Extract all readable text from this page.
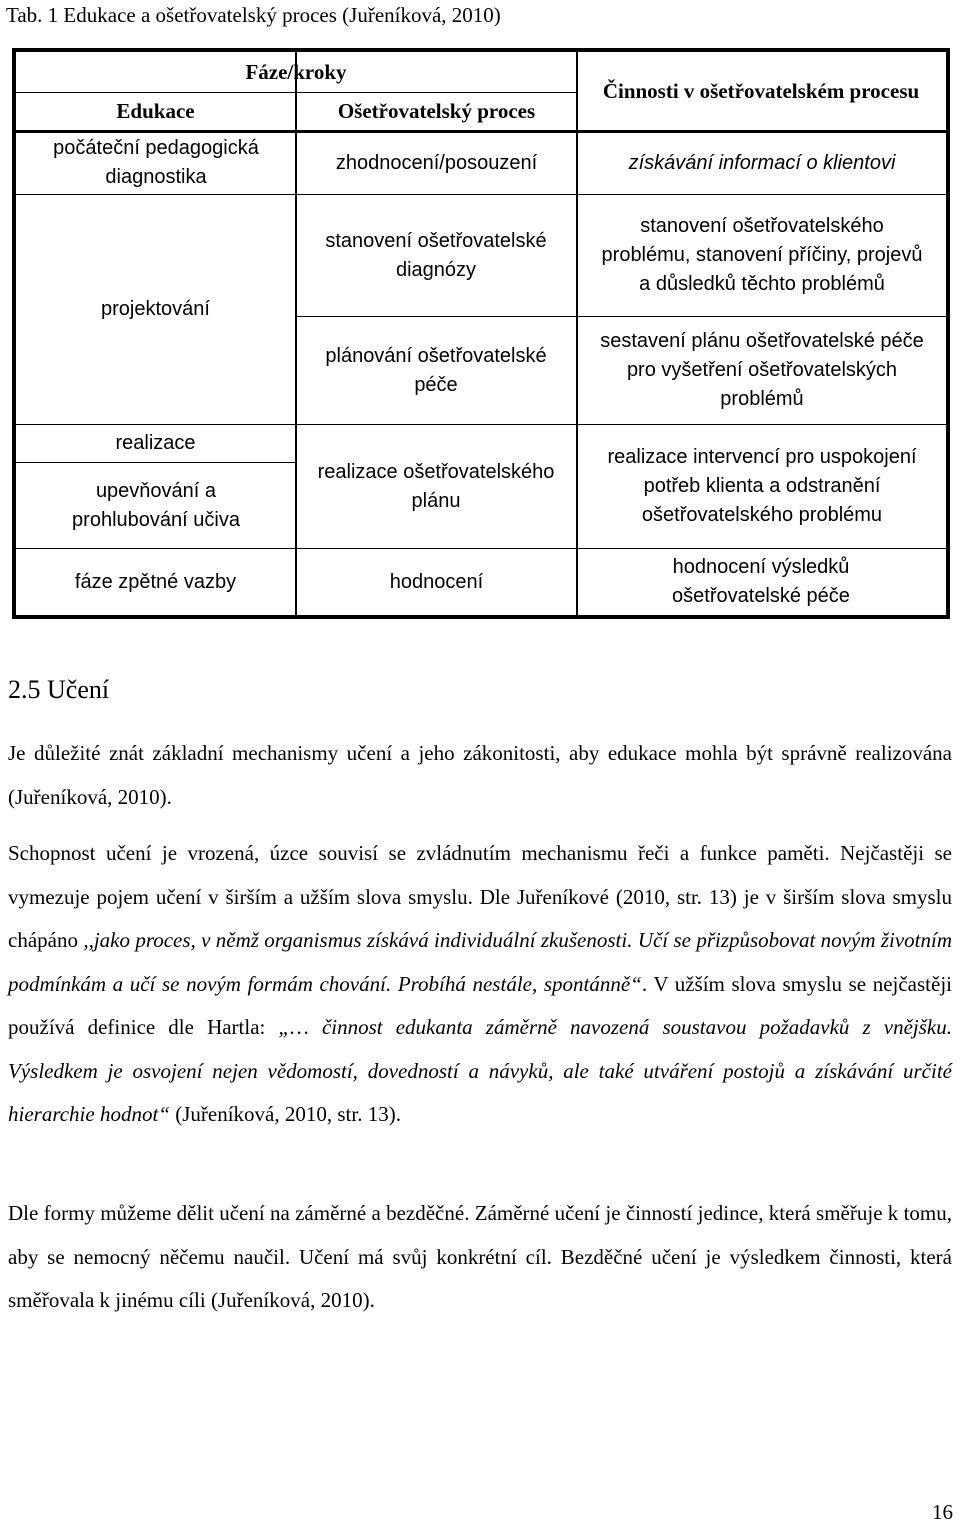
Tab. 1 Edukace a ošetřovatelský proces (Juřeníková, 2010)
Fáze/kroky
Edukace	Ošetřovatelský proces
Činnosti v ošetřovatelském procesu
počáteční pedagogická diagnostika
projektování
realizace
upevňování a prohlubování učiva
fáze zpětné vazby
zhodnocení/posouzení
stanovení ošetřovatelské diagnózy
plánování ošetřovatelské péče
realizace ošetřovatelského plánu
hodnocení
získávání informací o klientovi
stanovení ošetřovatelského problému, stanovení příčiny, projevů a důsledků těchto problémů
sestavení plánu ošetřovatelské péče pro vyšetření ošetřovatelských problémů
realizace intervencí pro uspokojení potřeb klienta a odstranění ošetřovatelského problému
hodnocení výsledků ošetřovatelské péče
2.5 Učení
Je důležité znát základní mechanismy učení a jeho zákonitosti, aby edukace mohla být správně realizována (Juřeníková, 2010).
Schopnost učení je vrozená, úzce souvisí se zvládnutím mechanismu řeči a funkce paměti. Nejčastěji se vymezuje pojem učení v širším a užším slova smyslu. Dle Juřeníkové (2010, str. 13) je v širším slova smyslu chápáno ,,jako proces, v němž organismus získává individuální zkušenosti. Učí se přizpůsobovat novým životním podmínkám a učí se novým formám chování. Probíhá nestále, spontánně“. V užším slova smyslu se nejčastěji používá definice dle Hartla: „… činnost edukanta záměrně navozená soustavou požadavků z vnějšku. Výsledkem je osvojení nejen vědomostí, dovedností a návyků, ale také utváření postojů a získávání určité hierarchie hodnot“ (Juřeníková, 2010, str. 13).
Dle formy můžeme dělit učení na záměrné a bezděčné. Záměrné učení je činností jedince, která směřuje k tomu, aby se nemocný něčemu naučil. Učení má svůj konkrétní cíl. Bezděčné učení je výsledkem činnosti, která směřovala k jinému cíli (Juřeníková, 2010).
16
